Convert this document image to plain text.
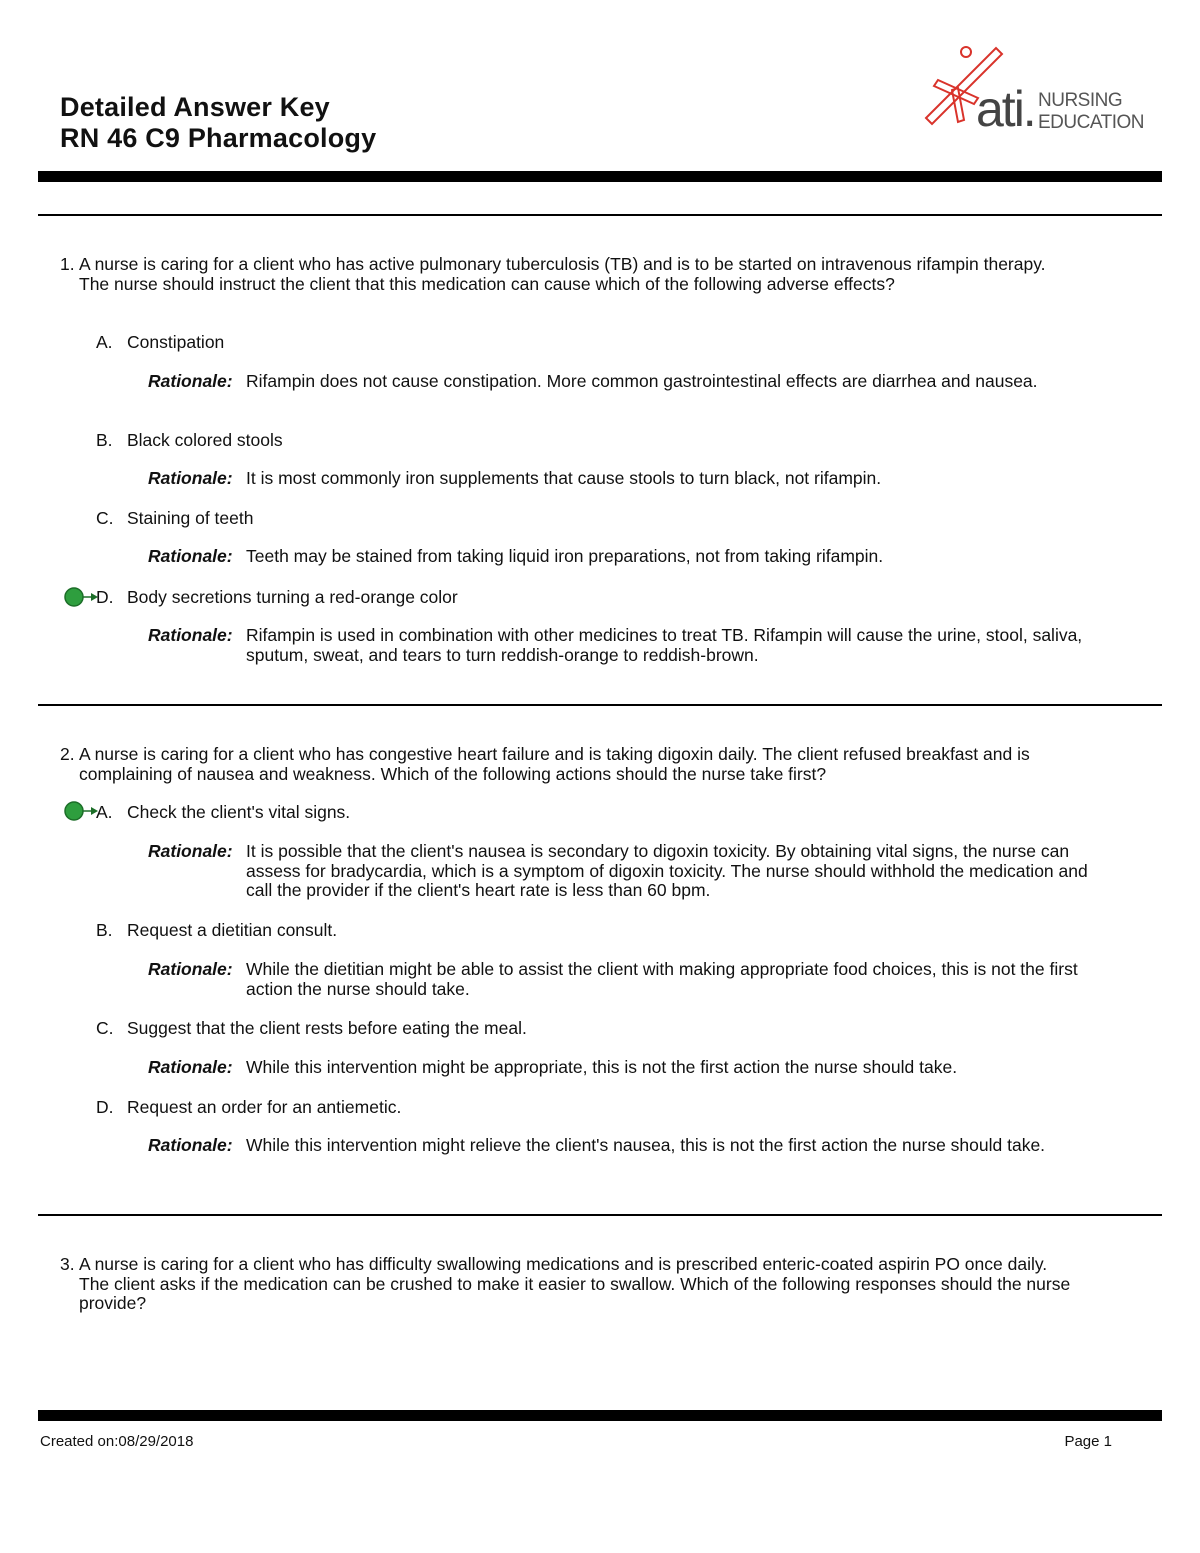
Detailed Answer Key
RN 46 C9 Pharmacology
ati. NURSING
EDUCATION
1. A nurse is caring for a client who has active pulmonary tuberculosis (TB) and is to be started on intravenous rifampin therapy. The nurse should instruct the client that this medication can cause which of the following adverse effects?
A. Constipation
Rationale: Rifampin does not cause constipation. More common gastrointestinal effects are diarrhea and nausea.
B. Black colored stools
Rationale: It is most commonly iron supplements that cause stools to turn black, not rifampin.
C. Staining of teeth
Rationale: Teeth may be stained from taking liquid iron preparations, not from taking rifampin.
D. Body secretions turning a red-orange color
Rationale: Rifampin is used in combination with other medicines to treat TB. Rifampin will cause the urine, stool, saliva, sputum, sweat, and tears to turn reddish-orange to reddish-brown.
2. A nurse is caring for a client who has congestive heart failure and is taking digoxin daily. The client refused breakfast and is complaining of nausea and weakness. Which of the following actions should the nurse take first?
A. Check the client's vital signs.
Rationale: It is possible that the client's nausea is secondary to digoxin toxicity. By obtaining vital signs, the nurse can assess for bradycardia, which is a symptom of digoxin toxicity. The nurse should withhold the medication and call the provider if the client's heart rate is less than 60 bpm.
B. Request a dietitian consult.
Rationale: While the dietitian might be able to assist the client with making appropriate food choices, this is not the first action the nurse should take.
C. Suggest that the client rests before eating the meal.
Rationale: While this intervention might be appropriate, this is not the first action the nurse should take.
D. Request an order for an antiemetic.
Rationale: While this intervention might relieve the client's nausea, this is not the first action the nurse should take.
3. A nurse is caring for a client who has difficulty swallowing medications and is prescribed enteric-coated aspirin PO once daily. The client asks if the medication can be crushed to make it easier to swallow. Which of the following responses should the nurse provide?
Created on:08/29/2018	Page 1
